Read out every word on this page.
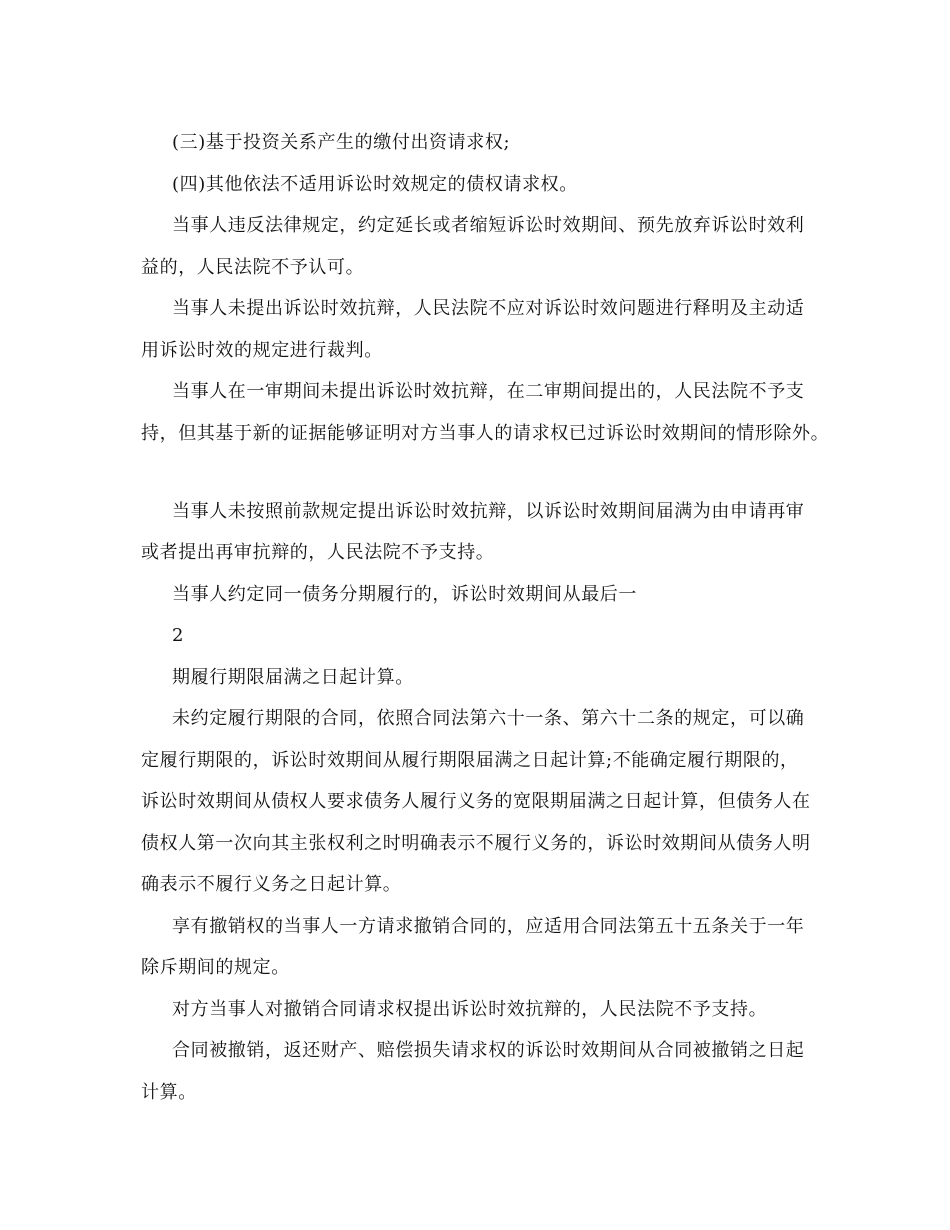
(三)基于投资关系产生的缴付出资请求权;
(四)其他依法不适用诉讼时效规定的债权请求权。
当事人违反法律规定，约定延长或者缩短诉讼时效期间、预先放弃诉讼时效利
益的，人民法院不予认可。
当事人未提出诉讼时效抗辩，人民法院不应对诉讼时效问题进行释明及主动适
用诉讼时效的规定进行裁判。
当事人在一审期间未提出诉讼时效抗辩，在二审期间提出的，人民法院不予支
持，但其基于新的证据能够证明对方当事人的请求权已过诉讼时效期间的情形除外。
当事人未按照前款规定提出诉讼时效抗辩，以诉讼时效期间届满为由申请再审
或者提出再审抗辩的，人民法院不予支持。
当事人约定同一债务分期履行的，诉讼时效期间从最后一
2
期履行期限届满之日起计算。
未约定履行期限的合同，依照合同法第六十一条、第六十二条的规定，可以确
定履行期限的，诉讼时效期间从履行期限届满之日起计算;不能确定履行期限的，
诉讼时效期间从债权人要求债务人履行义务的宽限期届满之日起计算，但债务人在
债权人第一次向其主张权利之时明确表示不履行义务的，诉讼时效期间从债务人明
确表示不履行义务之日起计算。
享有撤销权的当事人一方请求撤销合同的，应适用合同法第五十五条关于一年
除斥期间的规定。
对方当事人对撤销合同请求权提出诉讼时效抗辩的，人民法院不予支持。
合同被撤销，返还财产、赔偿损失请求权的诉讼时效期间从合同被撤销之日起
计算。
